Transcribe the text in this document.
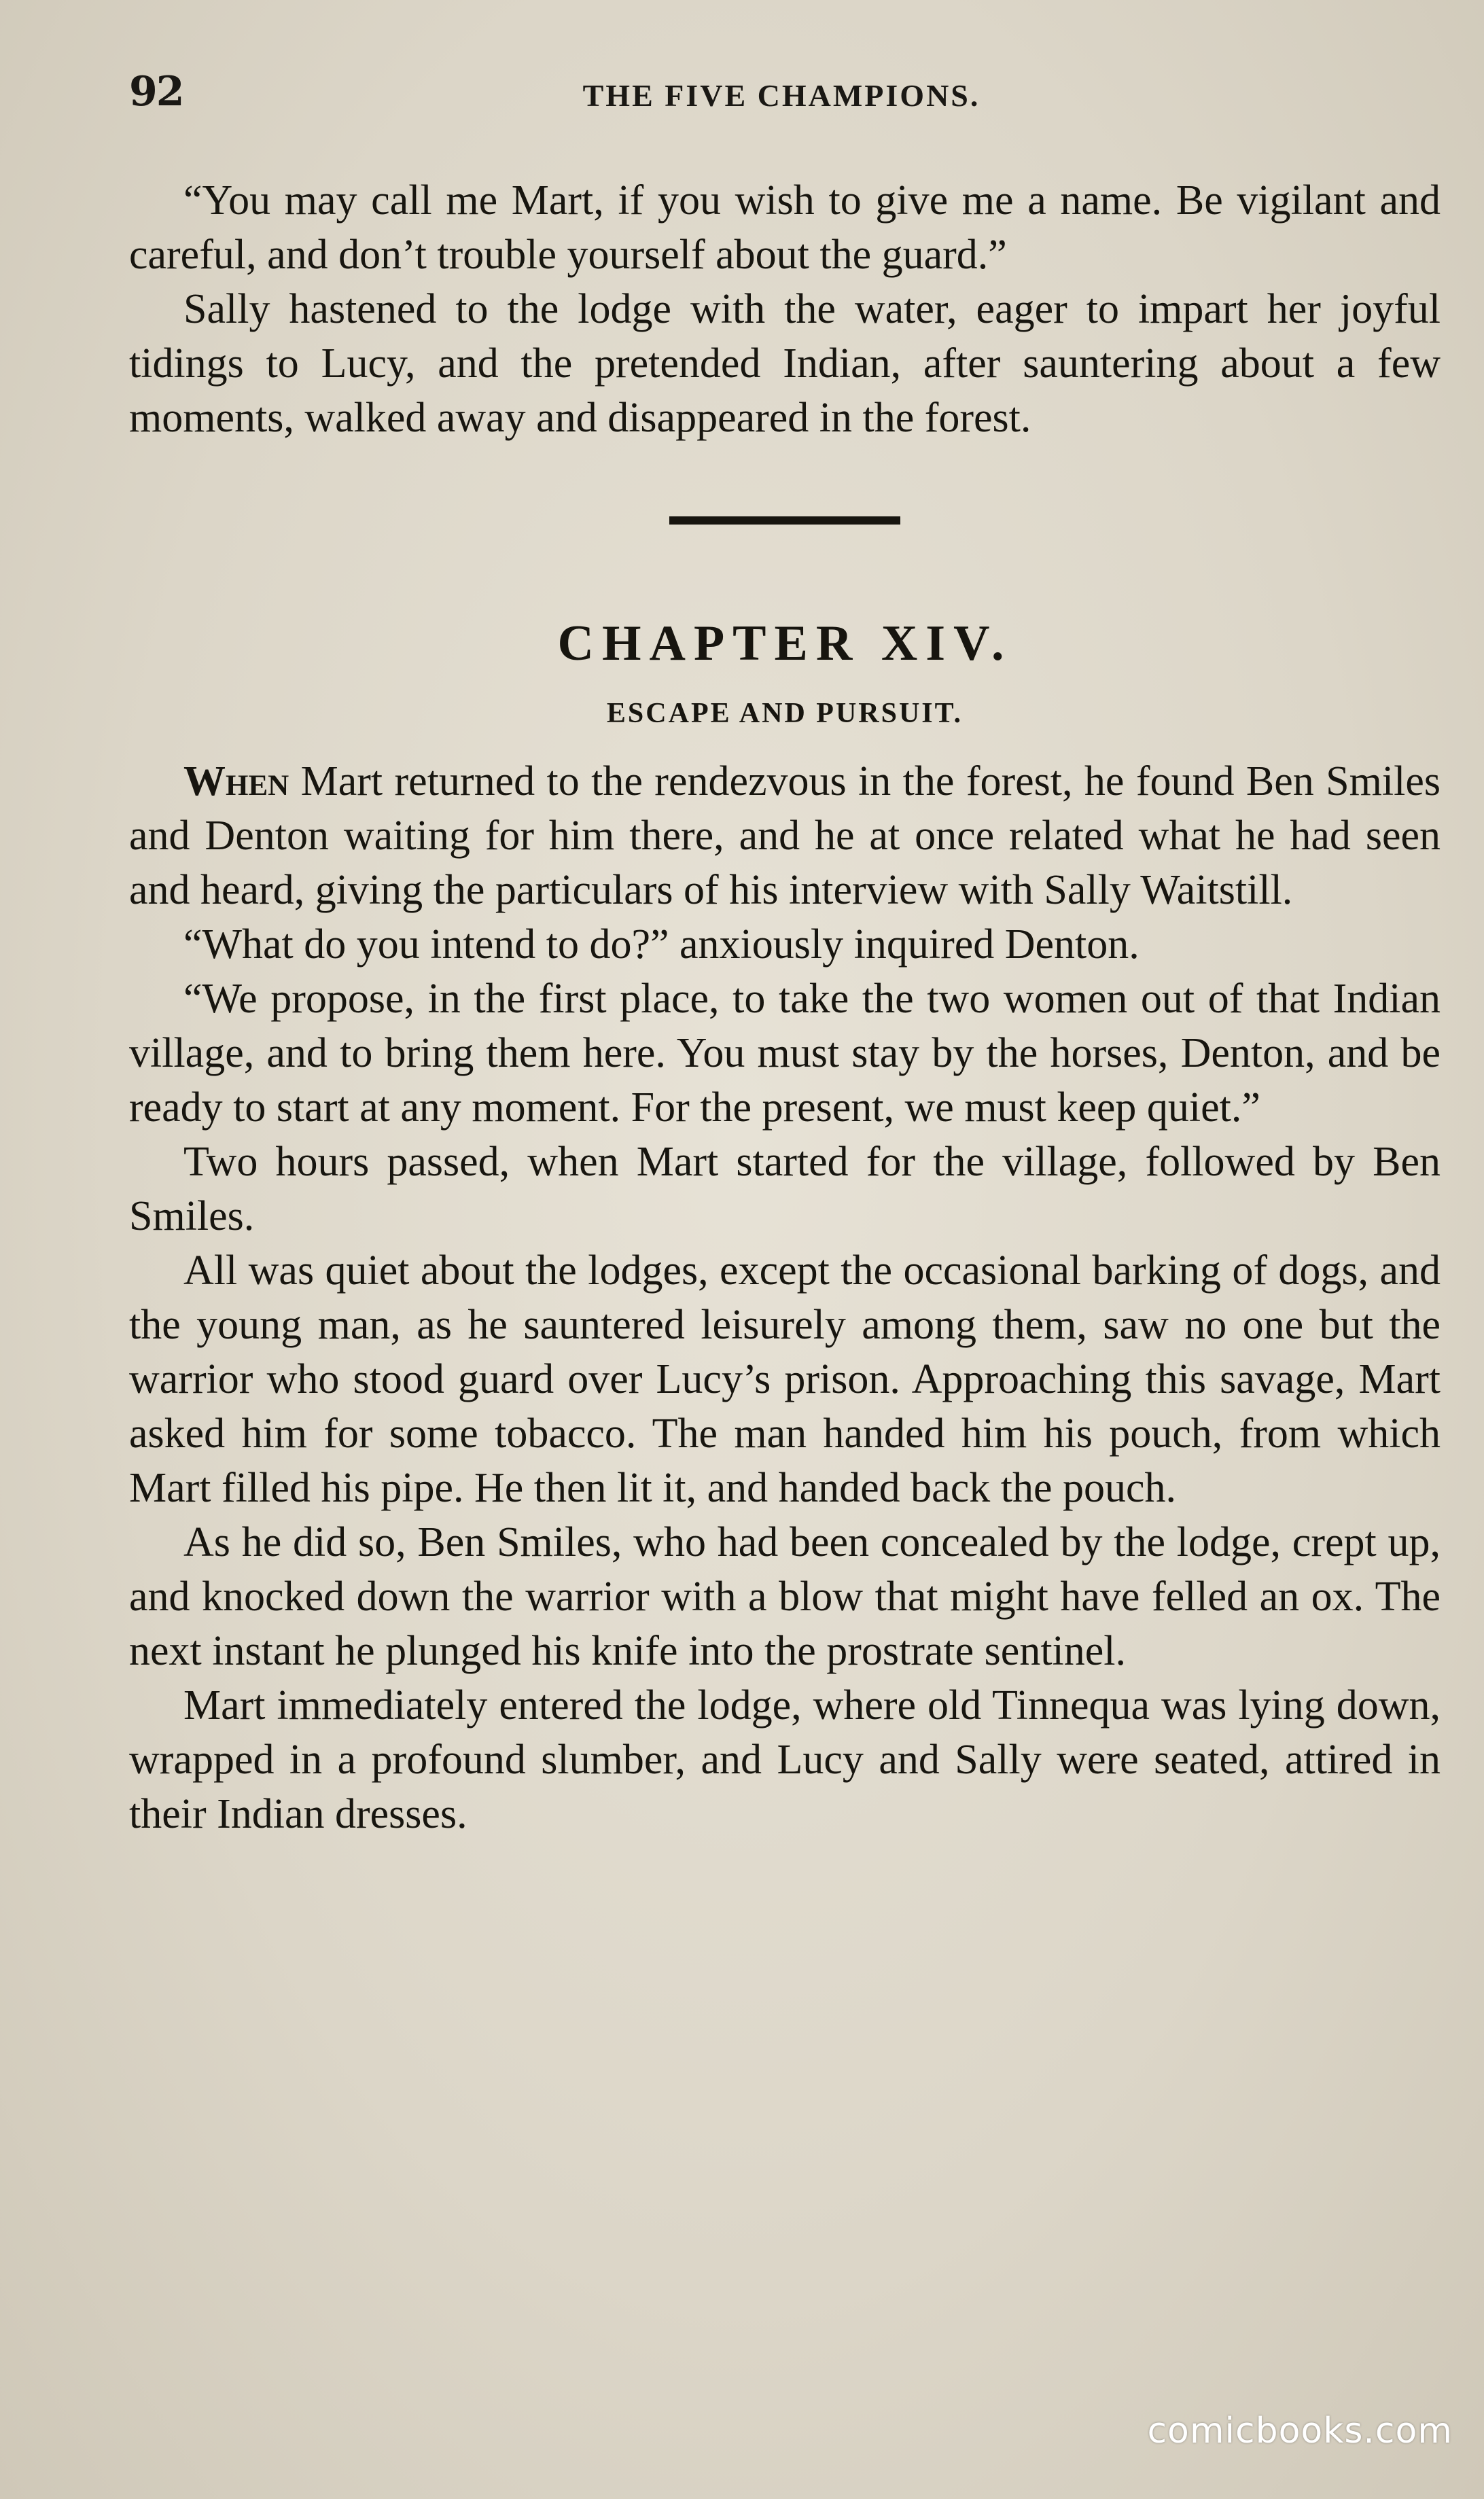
92	THE FIVE CHAMPIONS.

“You may call me Mart, if you wish to give me a name. Be vigilant and careful, and don’t trouble yourself about the guard.”

Sally hastened to the lodge with the water, eager to impart her joyful tidings to Lucy, and the pretended Indian, after sauntering about a few moments, walked away and disappeared in the forest.

CHAPTER XIV.
ESCAPE AND PURSUIT.

When Mart returned to the rendezvous in the forest, he found Ben Smiles and Denton waiting for him there, and he at once related what he had seen and heard, giving the particulars of his interview with Sally Waitstill.

“What do you intend to do?” anxiously inquired Denton.

“We propose, in the first place, to take the two women out of that Indian village, and to bring them here. You must stay by the horses, Denton, and be ready to start at any moment. For the present, we must keep quiet.”

Two hours passed, when Mart started for the village, followed by Ben Smiles.

All was quiet about the lodges, except the occasional barking of dogs, and the young man, as he sauntered leisurely among them, saw no one but the warrior who stood guard over Lucy’s prison. Approaching this savage, Mart asked him for some tobacco. The man handed him his pouch, from which Mart filled his pipe. He then lit it, and handed back the pouch.

As he did so, Ben Smiles, who had been concealed by the lodge, crept up, and knocked down the warrior with a blow that might have felled an ox. The next instant he plunged his knife into the prostrate sentinel.

Mart immediately entered the lodge, where old Tinnequa was lying down, wrapped in a profound slumber, and Lucy and Sally were seated, attired in their Indian dresses.

comicbooks.com
